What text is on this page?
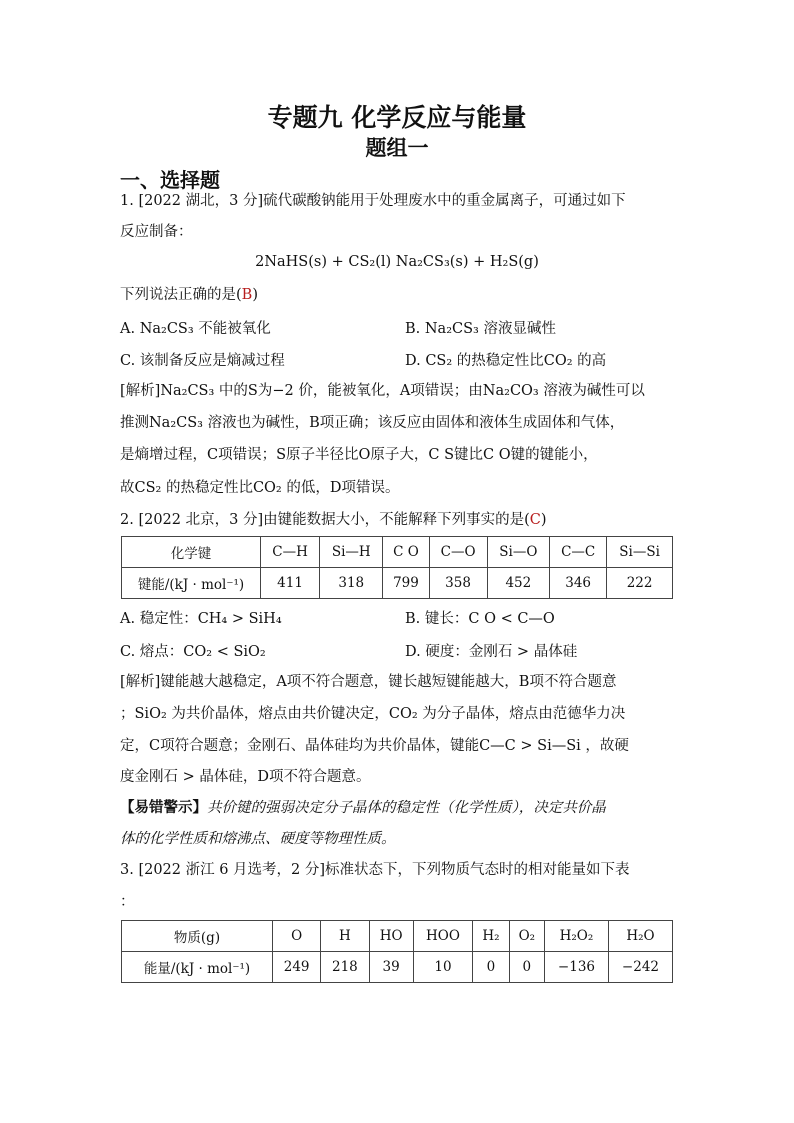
专题九 化学反应与能量
题组一
一、选择题
1. [2022 湖北，3 分]硫代碳酸钠能用于处理废水中的重金属离子，可通过如下
反应制备：
2NaHS(s) + CS₂(l) Na₂CS₃(s) + H₂S(g)
下列说法正确的是(B)
A. Na₂CS₃ 不能被氧化	B. Na₂CS₃ 溶液显碱性
C. 该制备反应是熵减过程	D. CS₂ 的热稳定性比CO₂ 的高
[解析]Na₂CS₃ 中的S为−2 价，能被氧化，A项错误；由Na₂CO₃ 溶液为碱性可以
推测Na₂CS₃ 溶液也为碱性，B项正确；该反应由固体和液体生成固体和气体，
是熵增过程，C项错误；S原子半径比O原子大，C S键比C O键的键能小，
故CS₂ 的热稳定性比CO₂ 的低，D项错误。
2. [2022 北京，3 分]由键能数据大小，不能解释下列事实的是(C)
化学键	C—H	Si—H	C O	C—O	Si—O	C—C	Si—Si
键能/(kJ · mol⁻¹)	411	318	799	358	452	346	222
A. 稳定性：CH₄ > SiH₄	B. 键长：C O < C—O
C. 熔点：CO₂ < SiO₂	D. 硬度：金刚石 > 晶体硅
[解析]键能越大越稳定，A项不符合题意，键长越短键能越大，B项不符合题意
；SiO₂ 为共价晶体，熔点由共价键决定，CO₂ 为分子晶体，熔点由范德华力决
定，C项符合题意；金刚石、晶体硅均为共价晶体，键能C—C > Si—Si ，故硬
度金刚石 > 晶体硅，D项不符合题意。
【易错警示】共价键的强弱决定分子晶体的稳定性（化学性质），决定共价晶
体的化学性质和熔沸点、硬度等物理性质。
3. [2022 浙江 6 月选考，2 分]标准状态下，下列物质气态时的相对能量如下表
：
物质(g)	O	H	HO	HOO	H₂	O₂	H₂O₂	H₂O
能量/(kJ · mol⁻¹)	249	218	39	10	0	0	−136	−242
